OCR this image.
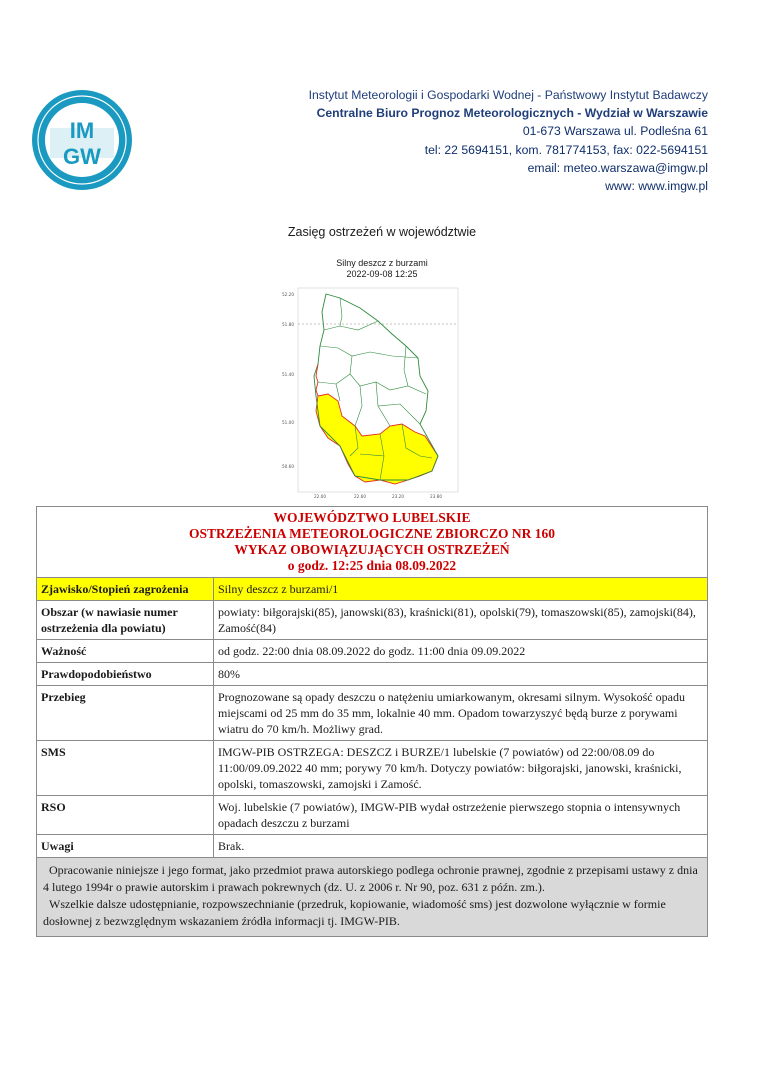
IM
GW
Instytut Meteorologii i Gospodarki Wodnej - Państwowy Instytut Badawczy
Centralne Biuro Prognoz Meteorologicznych - Wydział w Warszawie
01-673 Warszawa ul. Podleśna 61
tel: 22 5694151, kom. 781774153, fax: 022-5694151
email: meteo.warszawa@imgw.pl
www: www.imgw.pl
Zasięg ostrzeżeń w województwie
Silny deszcz z burzami
2022-09-08 12:25
52.20
51.80
51.40
51.00
50.60
22.00	22.60	23.20	23.80
WOJEWÓDZTWO LUBELSKIE
OSTRZEŻENIA METEOROLOGICZNE ZBIORCZO NR 160
WYKAZ OBOWIĄZUJĄCYCH OSTRZEŻEŃ
o godz. 12:25 dnia 08.09.2022	

Zjawisko/Stopień zagrożenia	Silny deszcz z burzami/1
Obszar (w nawiasie numer ostrzeżenia dla powiatu)	powiaty: biłgorajski(85), janowski(83), kraśnicki(81), opolski(79), tomaszowski(85), zamojski(84), Zamość(84)
Ważność	od godz. 22:00 dnia 08.09.2022 do godz. 11:00 dnia 09.09.2022
Prawdopodobieństwo	80%
Przebieg	Prognozowane są opady deszczu o natężeniu umiarkowanym, okresami silnym. Wysokość opadu miejscami od 25 mm do 35 mm, lokalnie 40 mm. Opadom towarzyszyć będą burze z porywami wiatru do 70 km/h. Możliwy grad.
SMS	IMGW-PIB OSTRZEGA: DESZCZ i BURZE/1 lubelskie (7 powiatów) od 22:00/08.09 do 11:00/09.09.2022 40 mm; porywy 70 km/h. Dotyczy powiatów: biłgorajski, janowski, kraśnicki, opolski, tomaszowski, zamojski i Zamość.
RSO	Woj. lubelskie (7 powiatów), IMGW-PIB wydał ostrzeżenie pierwszego stopnia o intensywnych opadach deszczu z burzami
Uwagi	Brak.

Opracowanie niniejsze i jego format, jako przedmiot prawa autorskiego podlega ochronie prawnej, zgodnie z przepisami ustawy z dnia 4 lutego 1994r o prawie autorskim i prawach pokrewnych (dz. U. z 2006 r. Nr 90, poz. 631 z późn. zm.).
Wszelkie dalsze udostępnianie, rozpowszechnianie (przedruk, kopiowanie, wiadomość sms) jest dozwolone wyłącznie w formie dosłownej z bezwzględnym wskazaniem źródła informacji tj. IMGW-PIB.	
